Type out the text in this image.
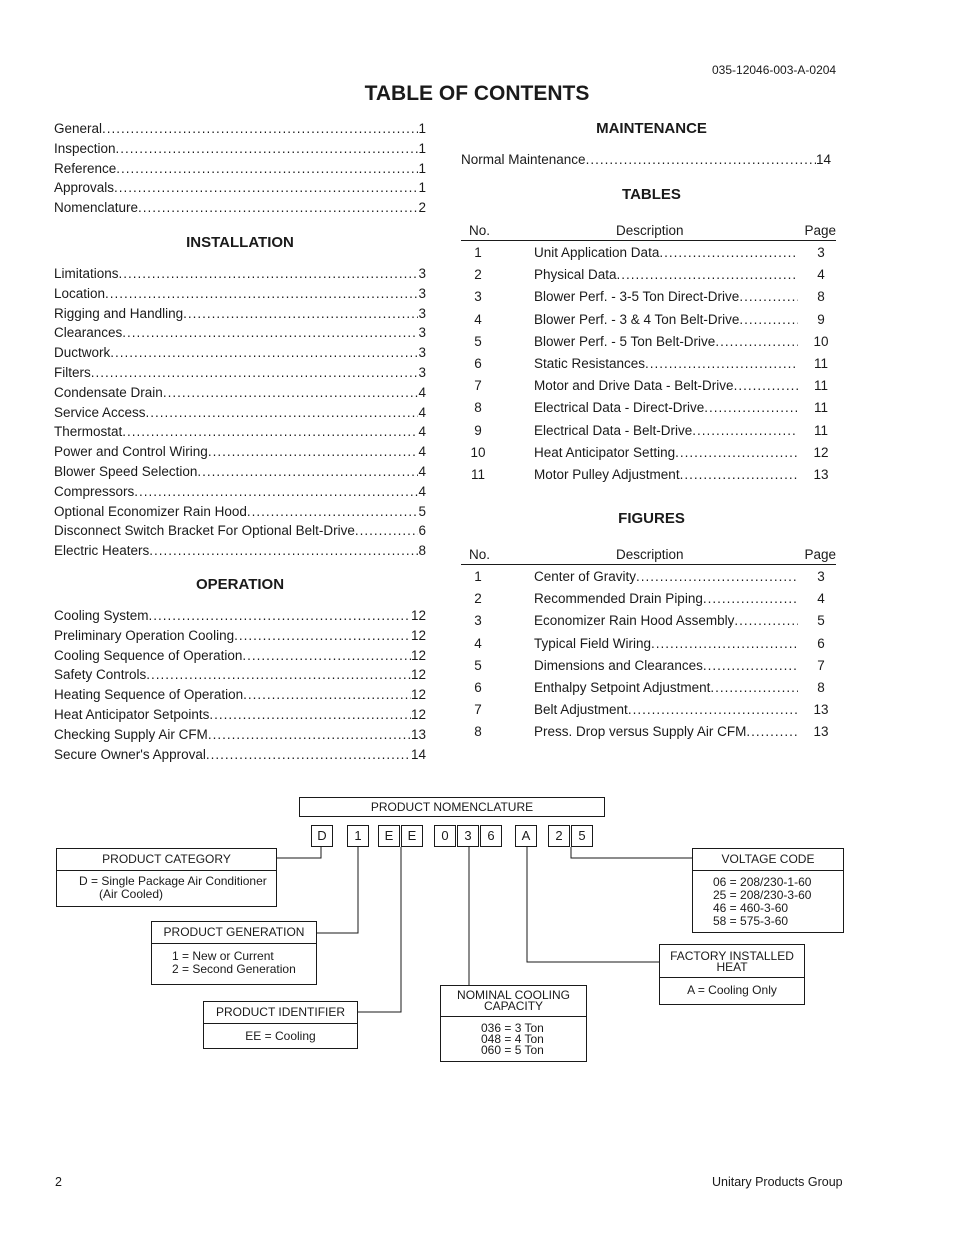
035-12046-003-A-0204
TABLE OF CONTENTS
General .....	1
Inspection .....	1
Reference .....	1
Approvals .....	1
Nomenclature .....	2
INSTALLATION
Limitations .....	3
Location .....	3
Rigging and Handling .....	3
Clearances .....	3
Ductwork .....	3
Filters .....	3
Condensate Drain .....	4
Service Access .....	4
Thermostat .....	4
Power and Control Wiring .....	4
Blower Speed Selection .....	4
Compressors .....	4
Optional Economizer Rain Hood .....	5
Disconnect Switch Bracket For Optional Belt-Drive .....	6
Electric Heaters .....	8
OPERATION
Cooling System .....	12
Preliminary Operation Cooling .....	12
Cooling Sequence of Operation .....	12
Safety Controls .....	12
Heating Sequence of Operation .....	12
Heat Anticipator Setpoints .....	12
Checking Supply Air CFM .....	13
Secure Owner's Approval .....	14
MAINTENANCE
Normal Maintenance .....	14
TABLES
No.	Description	Page
1	Unit Application Data .....	3
2	Physical Data .....	4
3	Blower Perf. - 3-5 Ton Direct-Drive .....	8
4	Blower Perf. - 3 & 4 Ton Belt-Drive .....	9
5	Blower Perf. - 5 Ton Belt-Drive .....	10
6	Static Resistances .....	11
7	Motor and Drive Data - Belt-Drive .....	11
8	Electrical Data - Direct-Drive .....	11
9	Electrical Data - Belt-Drive .....	11
10	Heat Anticipator Setting .....	12
11	Motor Pulley Adjustment .....	13
FIGURES
No.	Description	Page
1	Center of Gravity .....	3
2	Recommended Drain Piping .....	4
3	Economizer Rain Hood Assembly .....	5
4	Typical Field Wiring .....	6
5	Dimensions and Clearances .....	7
6	Enthalpy Setpoint Adjustment .....	8
7	Belt Adjustment .....	13
8	Press. Drop versus Supply Air CFM .....	13
PRODUCT NOMENCLATURE
D	1	E	E	0	3	6	A	2	5
PRODUCT CATEGORY
D = Single Package Air Conditioner
(Air Cooled)
PRODUCT GENERATION
1 = New or Current
2 = Second Generation
PRODUCT IDENTIFIER
EE = Cooling
NOMINAL COOLING
CAPACITY
036 = 3 Ton
048 = 4 Ton
060 = 5 Ton
FACTORY INSTALLED
HEAT
A = Cooling Only
VOLTAGE CODE
06 = 208/230-1-60
25 = 208/230-3-60
46 = 460-3-60
58 = 575-3-60
2	Unitary Products Group
